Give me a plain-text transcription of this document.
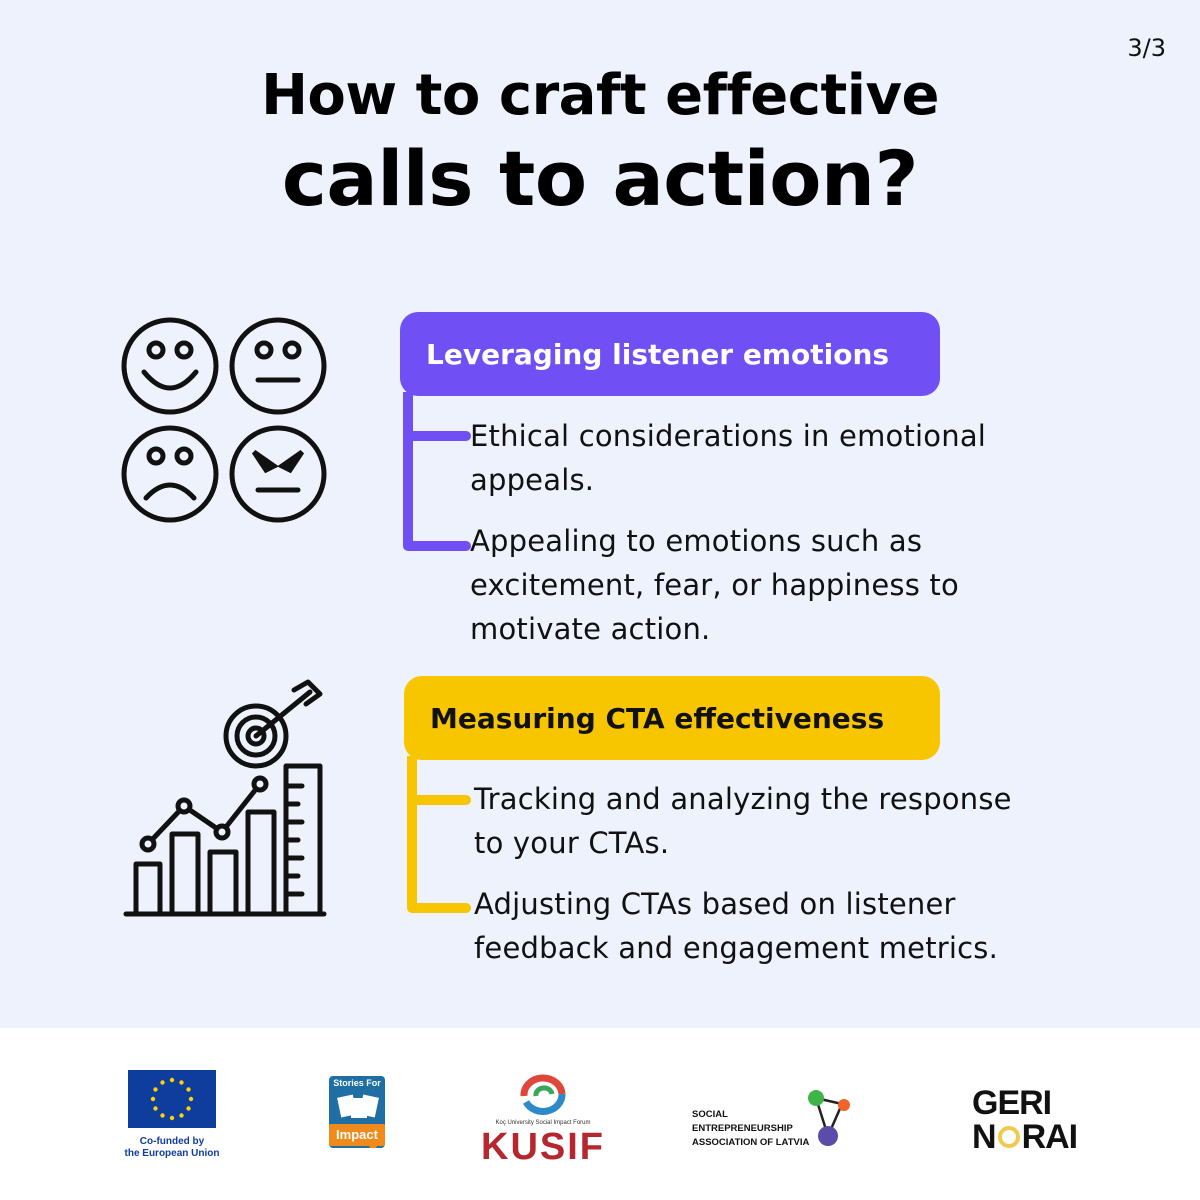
3/3
How to craft effective
calls to action?
Leveraging listener emotions
Ethical considerations in emotional
appeals.
Appealing to emotions such as
excitement, fear, or happiness to
motivate action.
Measuring CTA effectiveness
Tracking and analyzing the response
to your CTAs.
Adjusting CTAs based on listener
feedback and engagement metrics.
Co-funded by
the European Union
Stories For
Impact
Koç University Social Impact Forum
KUSIF
SOCIAL
ENTREPRENEURSHIP
ASSOCIATION OF LATVIA
GERI
N RAI
